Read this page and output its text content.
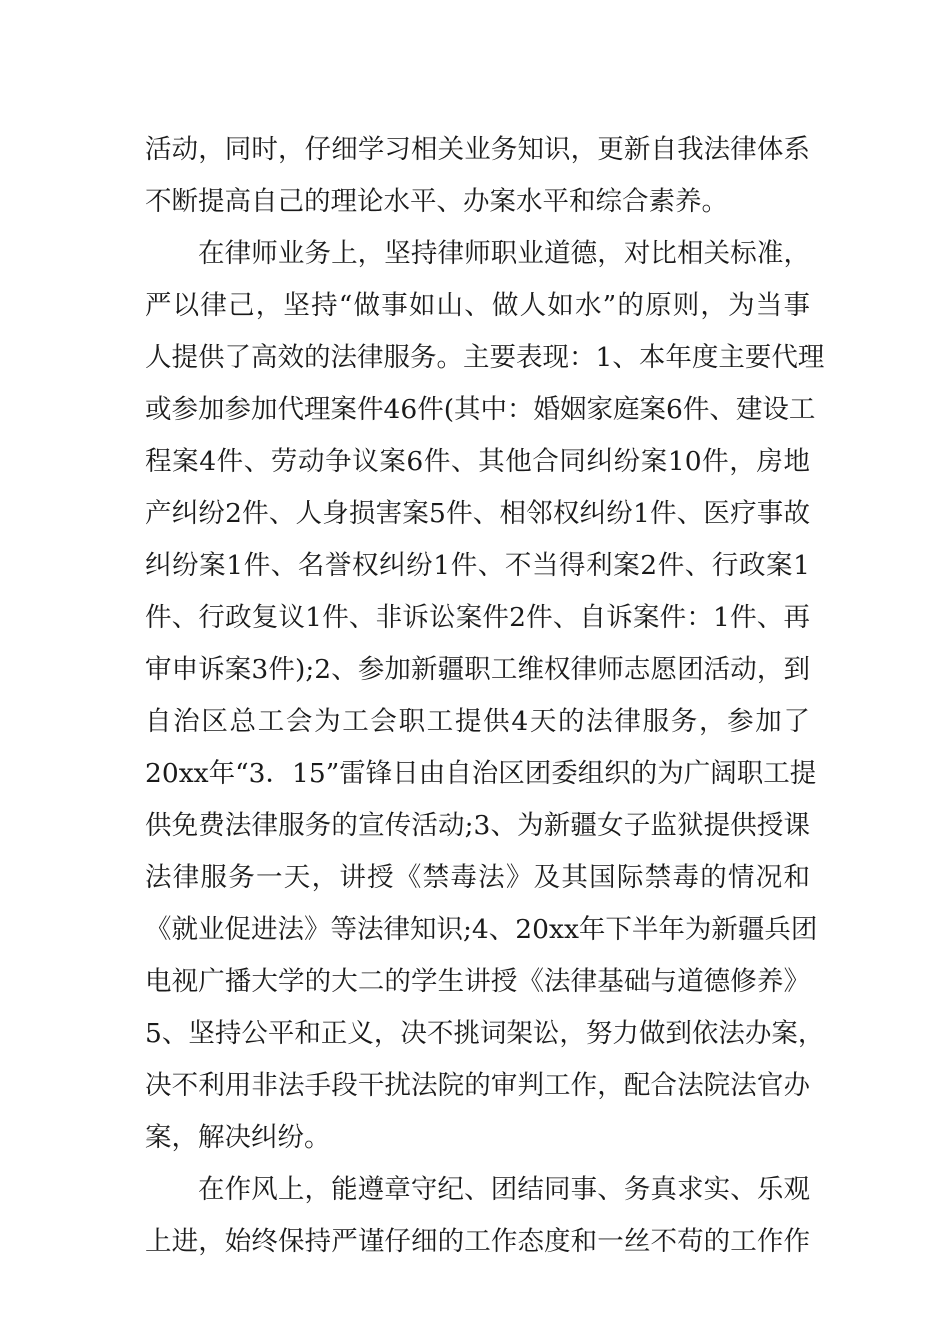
活动，同时，仔细学习相关业务知识，更新自我法律体系
不断提高自己的理论水平、办案水平和综合素养。
在律师业务上，坚持律师职业道德，对比相关标准，
严以律己，坚持“做事如山、做人如水”的原则，为当事
人提供了高效的法律服务。主要表现：1、本年度主要代理
或参加参加代理案件46件(其中：婚姻家庭案6件、建设工
程案4件、劳动争议案6件、其他合同纠纷案10件，房地
产纠纷2件、人身损害案5件、相邻权纠纷1件、医疗事故
纠纷案1件、名誉权纠纷1件、不当得利案2件、行政案1
件、行政复议1件、非诉讼案件2件、自诉案件：1件、再
审申诉案3件);2、参加新疆职工维权律师志愿团活动，到
自治区总工会为工会职工提供4天的法律服务，参加了
20xx年“3．15”雷锋日由自治区团委组织的为广阔职工提
供免费法律服务的宣传活动;3、为新疆女子监狱提供授课
法律服务一天，讲授《禁毒法》及其国际禁毒的情况和
《就业促进法》等法律知识;4、20xx年下半年为新疆兵团
电视广播大学的大二的学生讲授《法律基础与道德修养》
5、坚持公平和正义，决不挑词架讼，努力做到依法办案，
决不利用非法手段干扰法院的审判工作，配合法院法官办
案，解决纠纷。
在作风上，能遵章守纪、团结同事、务真求实、乐观
上进，始终保持严谨仔细的工作态度和一丝不苟的工作作
